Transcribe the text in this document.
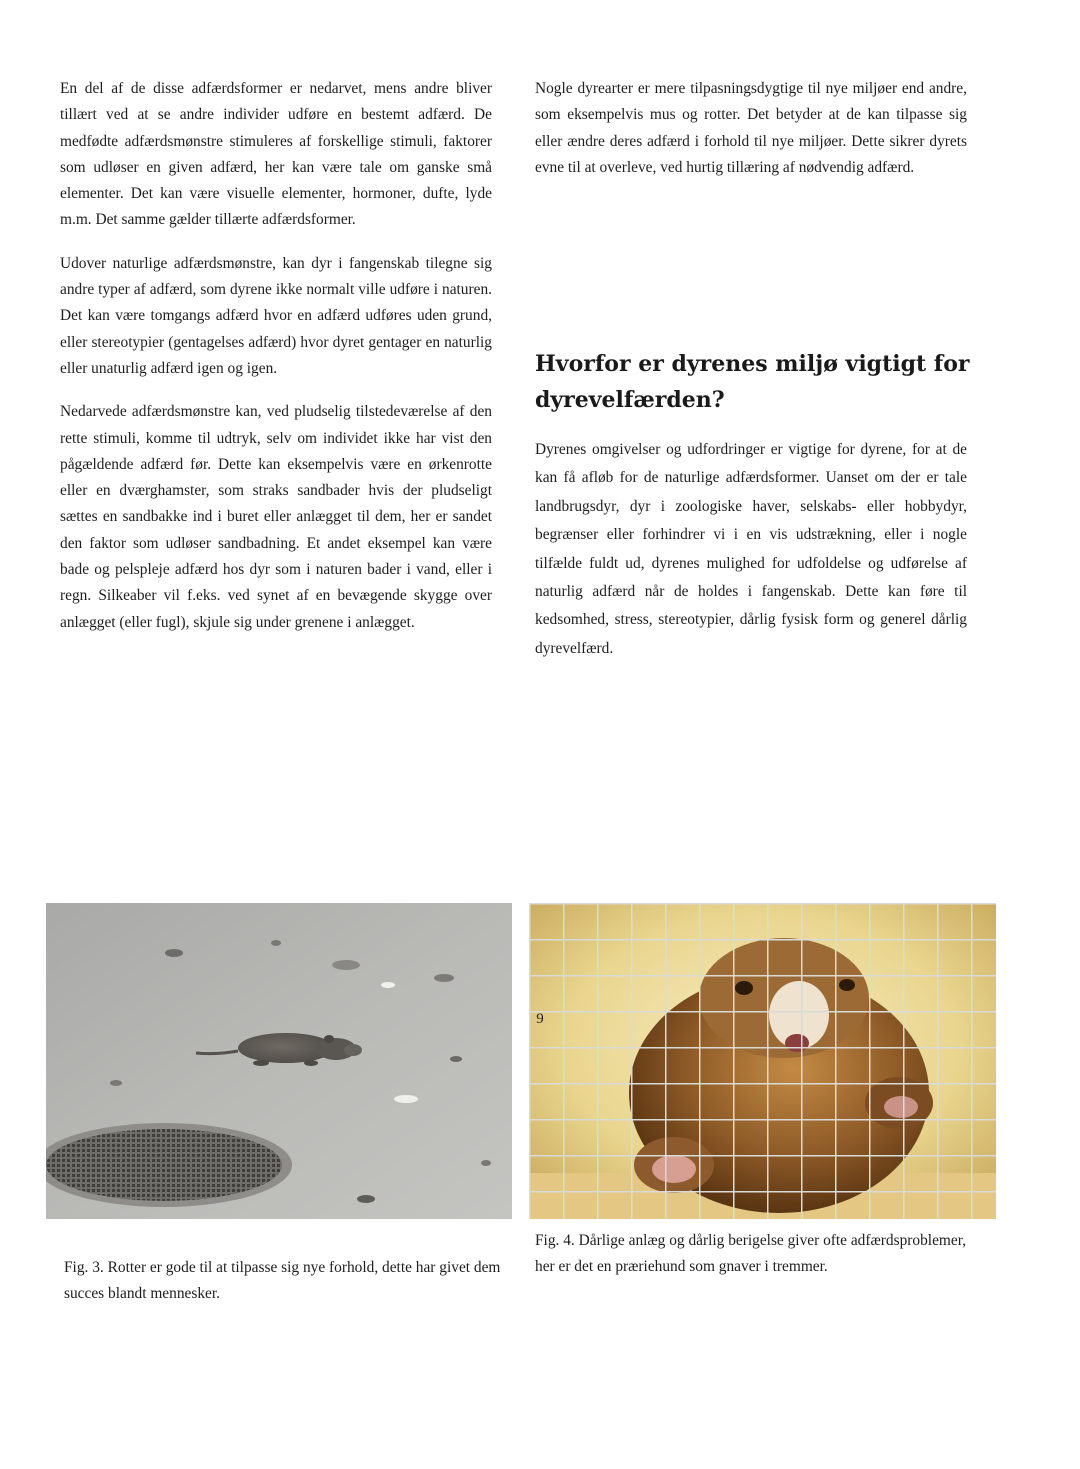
En del af de disse adfærdsformer er nedarvet, mens andre bliver tillært ved at se andre individer udføre en bestemt adfærd. De medfødte adfærdsmønstre stimuleres af forskellige stimuli, faktorer som udløser en given adfærd, her kan være tale om ganske små elementer. Det kan være visuelle elementer, hormoner, dufte, lyde m.m. Det samme gælder tillærte adfærdsformer.

Udover naturlige adfærdsmønstre, kan dyr i fangenskab tilegne sig andre typer af adfærd, som dyrene ikke normalt ville udføre i naturen. Det kan være tomgangs adfærd hvor en adfærd udføres uden grund, eller stereotypier (gentagelses adfærd) hvor dyret gentager en naturlig eller unaturlig adfærd igen og igen.

Nedarvede adfærdsmønstre kan, ved pludselig tilstedeværelse af den rette stimuli, komme til udtryk, selv om individet ikke har vist den pågældende adfærd før. Dette kan eksempelvis være en ørkenrotte eller en dværghamster, som straks sandbader hvis der pludseligt sættes en sandbakke ind i buret eller anlægget til dem, her er sandet den faktor som udløser sandbadning. Et andet eksempel kan være bade og pelspleje adfærd hos dyr som i naturen bader i vand, eller i regn. Silkeaber vil f.eks. ved synet af en bevægende skygge over anlægget (eller fugl), skjule sig under grenene i anlægget.

Nogle dyrearter er mere tilpasningsdygtige til nye miljøer end andre, som eksempelvis mus og rotter. Det betyder at de kan tilpasse sig eller ændre deres adfærd i forhold til nye miljøer. Dette sikrer dyrets evne til at overleve, ved hurtig tillæring af nødvendig adfærd.

Hvorfor er dyrenes miljø vigtigt for dyrevelfærden?

Dyrenes omgivelser og udfordringer er vigtige for dyrene, for at de kan få afløb for de naturlige adfærdsformer. Uanset om der er tale landbrugsdyr, dyr i zoologiske haver, selskabs- eller hobbydyr, begrænser eller forhindrer vi i en vis udstrækning, eller i nogle tilfælde fuldt ud, dyrenes mulighed for udfoldelse og udførelse af naturlig adfærd når de holdes i fangenskab. Dette kan føre til kedsomhed, stress, stereotypier, dårlig fysisk form og generel dårlig dyrevelfærd.

Fig. 3. Rotter er gode til at tilpasse sig nye forhold, dette har givet dem succes blandt mennesker.

Fig. 4. Dårlige anlæg og dårlig berigelse giver ofte adfærdsproblemer, her er det en præriehund som gnaver i tremmer.

9
